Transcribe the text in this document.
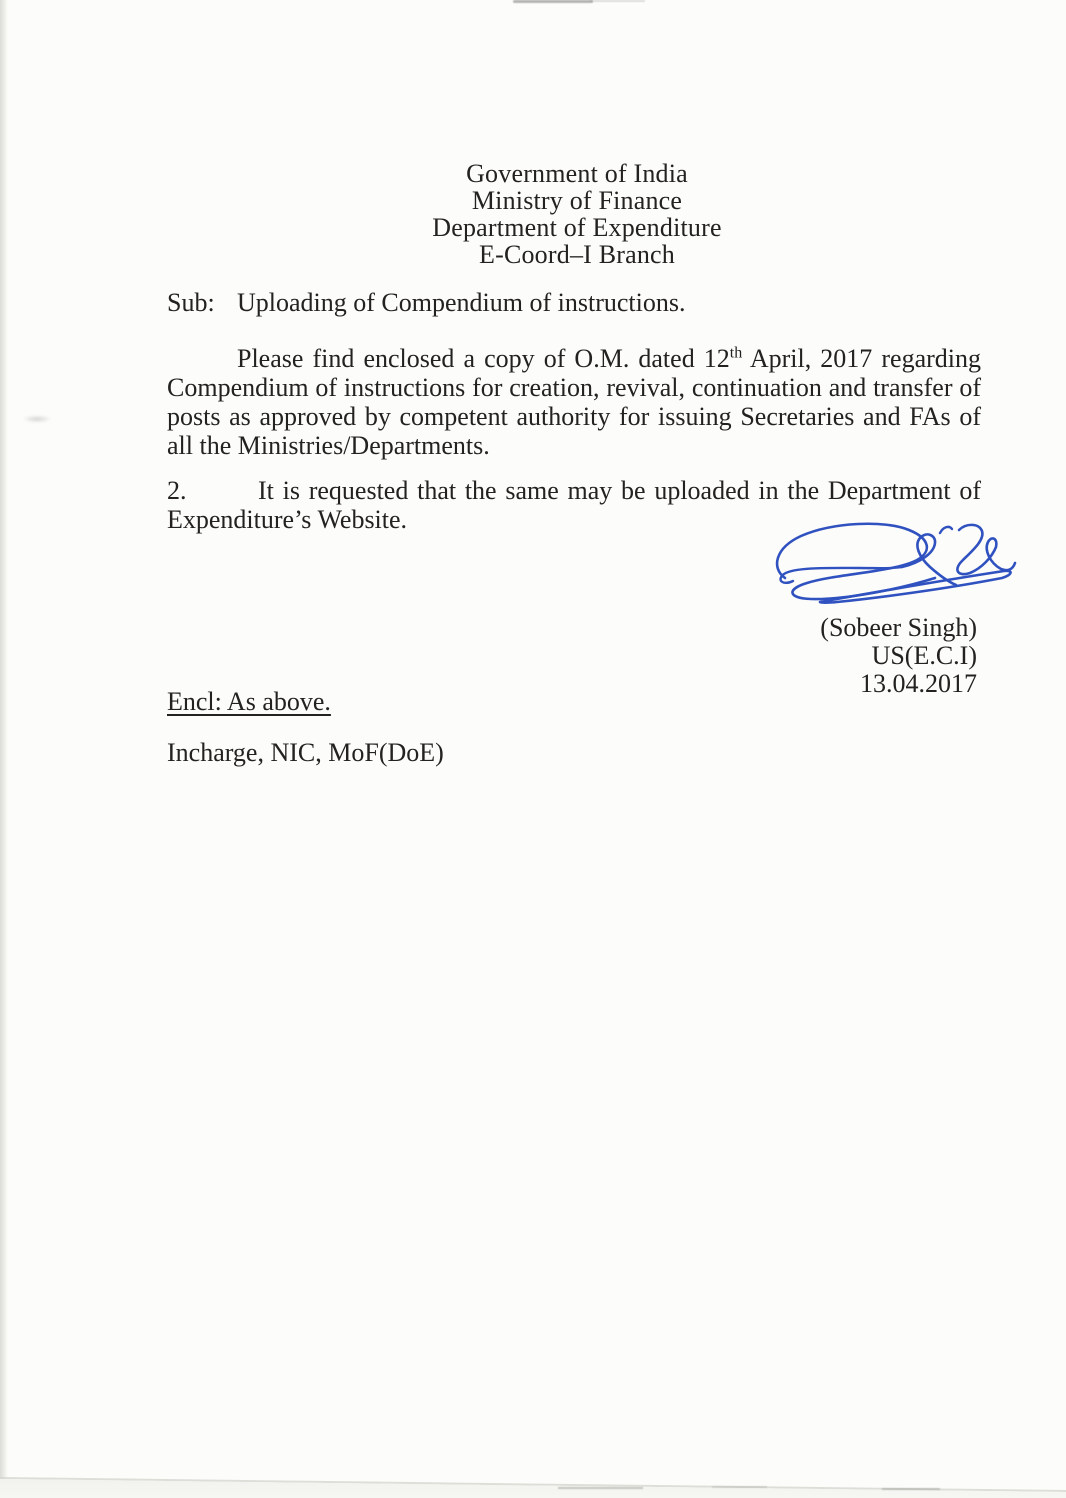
Government of India
Ministry of Finance
Department of Expenditure
E-Coord–I Branch
Sub: Uploading of Compendium of instructions.

Please find enclosed a copy of O.M. dated 12th April, 2017 regarding Compendium of instructions for creation, revival, continuation and transfer of posts as approved by competent authority for issuing Secretaries and FAs of all the Ministries/Departments.

2.	It is requested that the same may be uploaded in the Department of Expenditure’s Website.

(Sobeer Singh)
US(E.C.I)
13.04.2017
Encl: As above.
Incharge, NIC, MoF(DoE)
